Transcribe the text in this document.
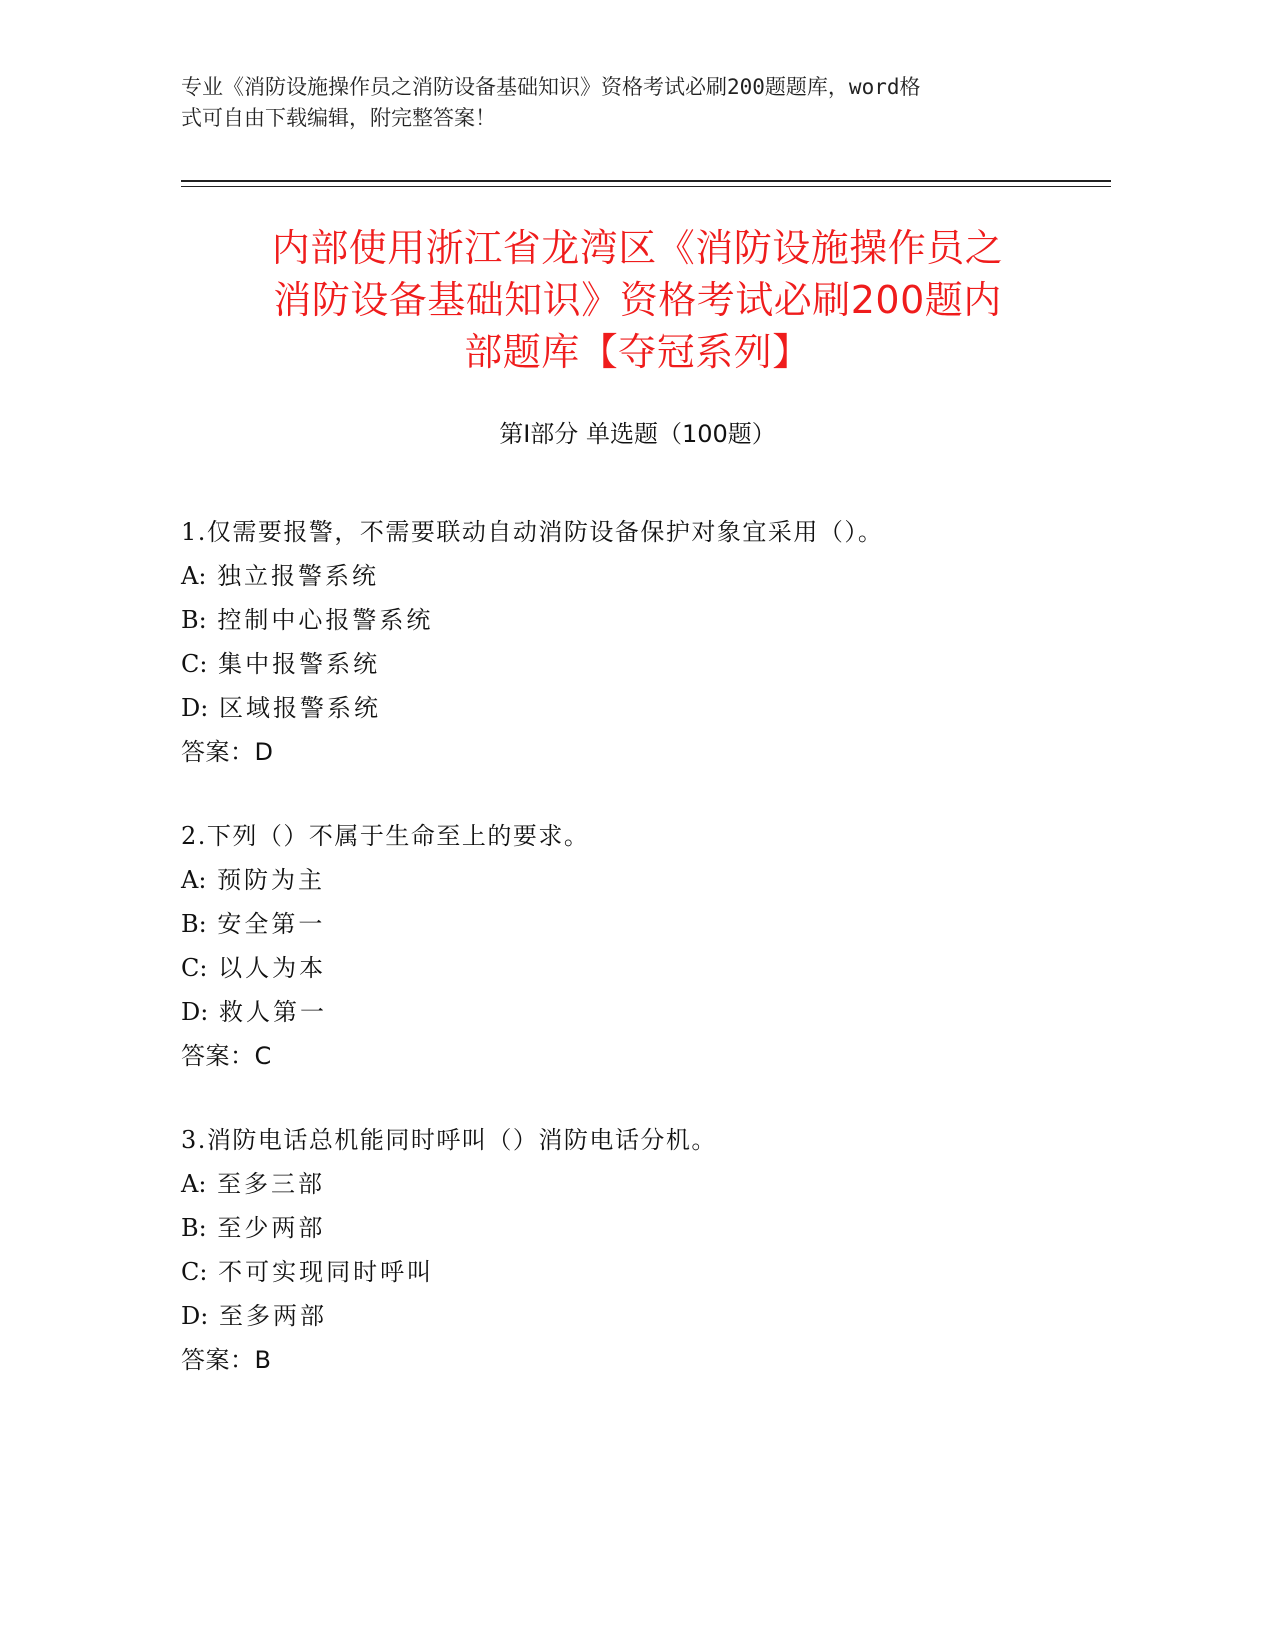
专业《消防设施操作员之消防设备基础知识》资格考试必刷200题题库，word格
式可自由下载编辑，附完整答案！
内部使用浙江省龙湾区《消防设施操作员之
消防设备基础知识》资格考试必刷200题内
部题库【夺冠系列】
第Ⅰ部分 单选题（100题）
1.仅需要报警，不需要联动自动消防设备保护对象宜采用（）。
A: 独立报警系统
B: 控制中心报警系统
C: 集中报警系统
D: 区域报警系统
答案：D
2.下列（）不属于生命至上的要求。
A: 预防为主
B: 安全第一
C: 以人为本
D: 救人第一
答案：C
3.消防电话总机能同时呼叫（）消防电话分机。
A: 至多三部
B: 至少两部
C: 不可实现同时呼叫
D: 至多两部
答案：B
